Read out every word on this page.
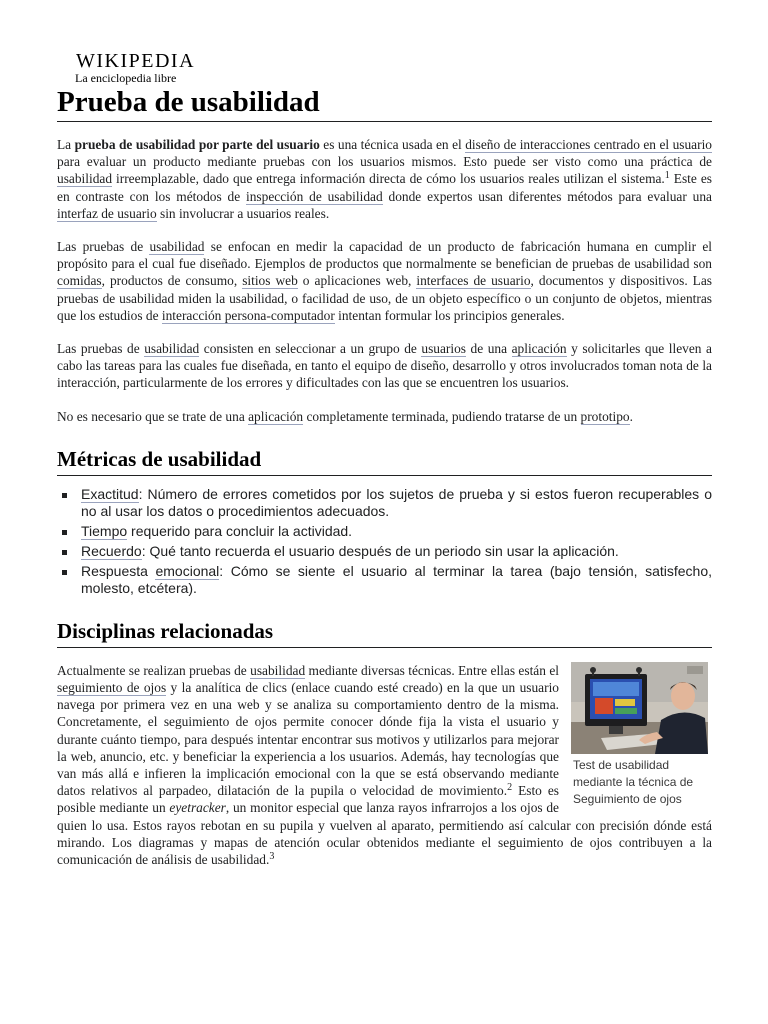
WIKIPEDIA
La enciclopedia libre
Prueba de usabilidad

La prueba de usabilidad por parte del usuario es una técnica usada en el diseño de interacciones centrado en el usuario para evaluar un producto mediante pruebas con los usuarios mismos. Esto puede ser visto como una práctica de usabilidad irreemplazable, dado que entrega información directa de cómo los usuarios reales utilizan el sistema.$^1$ Este es en contraste con los métodos de inspección de usabilidad donde expertos usan diferentes métodos para evaluar una interfaz de usuario sin involucrar a usuarios reales.

Las pruebas de usabilidad se enfocan en medir la capacidad de un producto de fabricación humana en cumplir el propósito para el cual fue diseñado. Ejemplos de productos que normalmente se benefician de pruebas de usabilidad son comidas, productos de consumo, sitios web o aplicaciones web, interfaces de usuario, documentos y dispositivos. Las pruebas de usabilidad miden la usabilidad, o facilidad de uso, de un objeto específico o un conjunto de objetos, mientras que los estudios de interacción persona-computador intentan formular los principios generales.

Las pruebas de usabilidad consisten en seleccionar a un grupo de usuarios de una aplicación y solicitarles que lleven a cabo las tareas para las cuales fue diseñada, en tanto el equipo de diseño, desarrollo y otros involucrados toman nota de la interacción, particularmente de los errores y dificultades con las que se encuentren los usuarios.

No es necesario que se trate de una aplicación completamente terminada, pudiendo tratarse de un prototipo.

Métricas de usabilidad
Exactitud: Número de errores cometidos por los sujetos de prueba y si estos fueron recuperables o no al usar los datos o procedimientos adecuados.
Tiempo requerido para concluir la actividad.
Recuerdo: Qué tanto recuerda el usuario después de un periodo sin usar la aplicación.
Respuesta emocional: Cómo se siente el usuario al terminar la tarea (bajo tensión, satisfecho, molesto, etcétera).
Disciplinas relacionadas
Test de usabilidad mediante la técnica de Seguimiento de ojos

Actualmente se realizan pruebas de usabilidad mediante diversas técnicas. Entre ellas están el seguimiento de ojos y la analítica de clics (enlace cuando esté creado) en la que un usuario navega por primera vez en una web y se analiza su comportamiento dentro de la misma. Concretamente, el seguimiento de ojos permite conocer dónde fija la vista el usuario y durante cuánto tiempo, para después intentar encontrar sus motivos y utilizarlos para mejorar la web, anuncio, etc. y beneficiar la experiencia a los usuarios. Además, hay tecnologías que van más allá e infieren la implicación emocional con la que se está observando mediante datos relativos al parpadeo, dilatación de la pupila o velocidad de movimiento.$^2$ Esto es posible mediante un eyetracker, un monitor especial que lanza rayos infrarrojos a los ojos de quien lo usa. Estos rayos rebotan en su pupila y vuelven al aparato, permitiendo así calcular con precisión dónde está mirando. Los diagramas y mapas de atención ocular obtenidos mediante el seguimiento de ojos contribuyen a la comunicación de análisis de usabilidad.$^3$
